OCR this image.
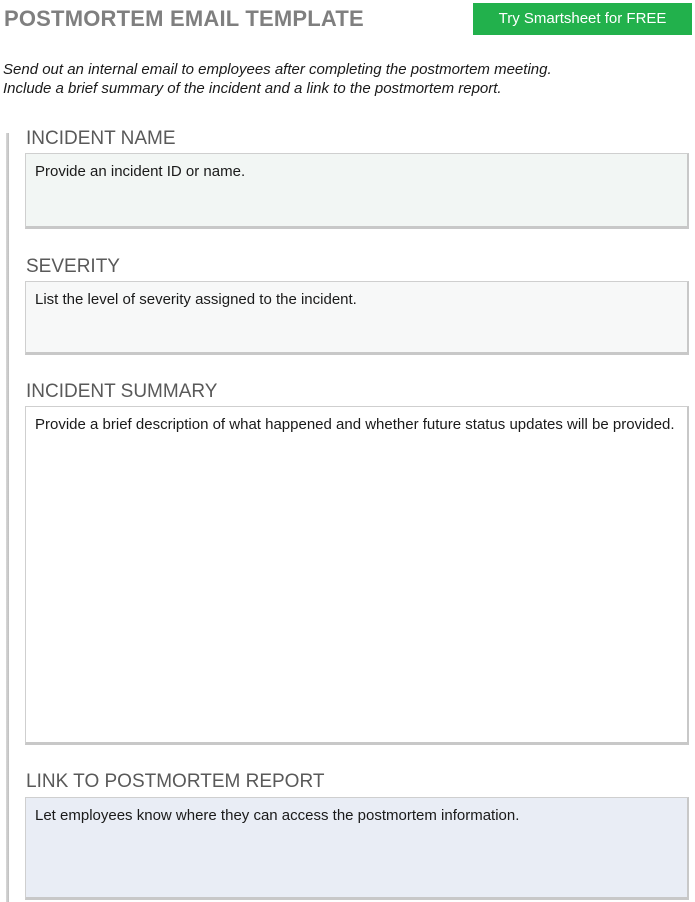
POSTMORTEM EMAIL TEMPLATE	Try Smartsheet for FREE
Send out an internal email to employees after completing the postmortem meeting.
Include a brief summary of the incident and a link to the postmortem report.
INCIDENT NAME
Provide an incident ID or name.
SEVERITY
List the level of severity assigned to the incident.
INCIDENT SUMMARY
Provide a brief description of what happened and whether future status updates will be provided.
LINK TO POSTMORTEM REPORT
Let employees know where they can access the postmortem information.
